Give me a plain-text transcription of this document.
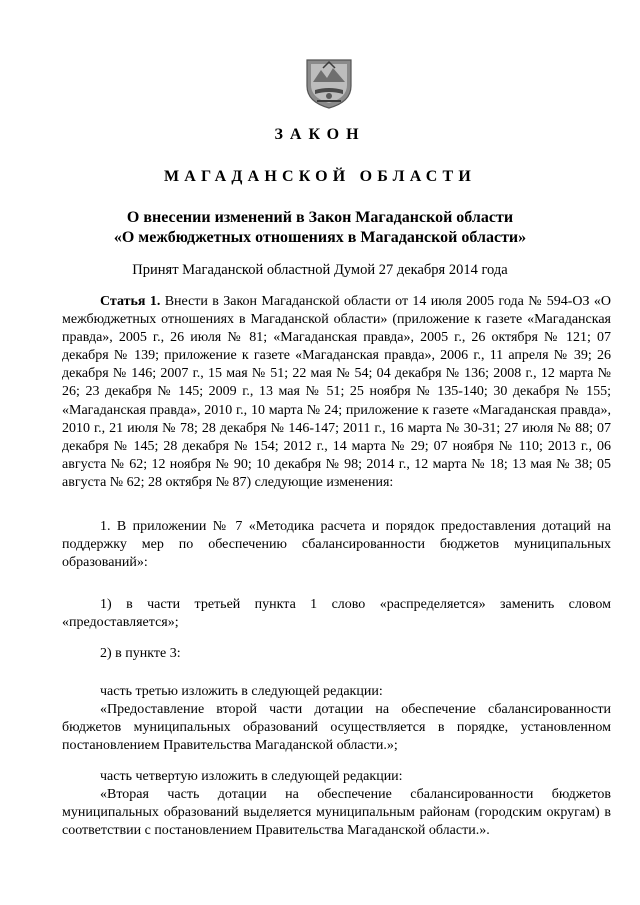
ЗАКОН
МАГАДАНСКОЙ ОБЛАСТИ
О внесении изменений в Закон Магаданской области
«О межбюджетных отношениях в Магаданской области»
Принят Магаданской областной Думой 27 декабря 2014 года

Статья 1. Внести в Закон Магаданской области от 14 июля 2005 года № 594-ОЗ «О межбюджетных отношениях в Магаданской области» (приложение к газете «Магаданская правда», 2005 г., 26 июля № 81; «Магаданская правда», 2005 г., 26 октября № 121; 07 декабря № 139; приложение к газете «Магаданская правда», 2006 г., 11 апреля № 39; 26 декабря № 146; 2007 г., 15 мая № 51; 22 мая № 54; 04 декабря № 136; 2008 г., 12 марта № 26; 23 декабря № 145; 2009 г., 13 мая № 51; 25 ноября № 135-140; 30 декабря № 155; «Магаданская правда», 2010 г., 10 марта № 24; приложение к газете «Магаданская правда», 2010 г., 21 июля № 78; 28 декабря № 146-147; 2011 г., 16 марта № 30-31; 27 июля № 88; 07 декабря № 145; 28 декабря № 154; 2012 г., 14 марта № 29; 07 ноября № 110; 2013 г., 06 августа № 62; 12 ноября № 90; 10 декабря № 98; 2014 г., 12 марта № 18; 13 мая № 38; 05 августа № 62; 28 октября № 87) следующие изменения:

1. В приложении № 7 «Методика расчета и порядок предоставления дотаций на поддержку мер по обеспечению сбалансированности бюджетов муниципальных образований»:

1) в части третьей пункта 1 слово «распределяется» заменить словом «предоставляется»;

2) в пункте 3:

часть третью изложить в следующей редакции:

«Предоставление второй части дотации на обеспечение сбалансированности бюджетов муниципальных образований осуществляется в порядке, установленном постановлением Правительства Магаданской области.»;

часть четвертую изложить в следующей редакции:

«Вторая часть дотации на обеспечение сбалансированности бюджетов муниципальных образований выделяется муниципальным районам (городским округам) в соответствии с постановлением Правительства Магаданской области.».
